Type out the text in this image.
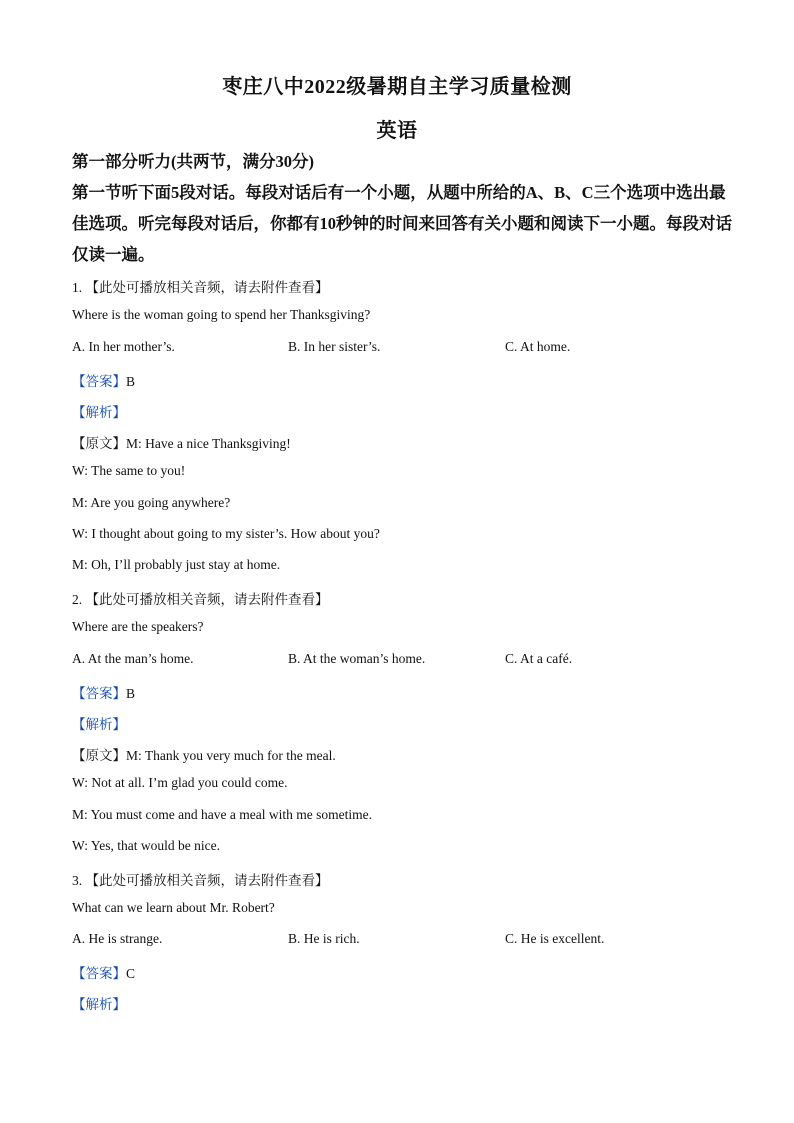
枣庄八中2022级暑期自主学习质量检测
英语
第一部分听力(共两节，满分30分)
第一节听下面5段对话。每段对话后有一个小题，从题中所给的A、B、C三个选项中选出最佳选项。听完每段对话后，你都有10秒钟的时间来回答有关小题和阅读下一小题。每段对话仅读一遍。
1. 【此处可播放相关音频，请去附件查看】
Where is the woman going to spend her Thanksgiving?
A. In her mother’s.	B. In her sister’s.	C. At home.
【答案】B
【解析】
【原文】M: Have a nice Thanksgiving!
W: The same to you!
M: Are you going anywhere?
W: I thought about going to my sister’s. How about you?
M: Oh, I’ll probably just stay at home.
2. 【此处可播放相关音频，请去附件查看】
Where are the speakers?
A. At the man’s home.	B. At the woman’s home.	C. At a café.
【答案】B
【解析】
【原文】M: Thank you very much for the meal.
W: Not at all. I’m glad you could come.
M: You must come and have a meal with me sometime.
W: Yes, that would be nice.
3. 【此处可播放相关音频，请去附件查看】
What can we learn about Mr. Robert?
A. He is strange.	B. He is rich.	C. He is excellent.
【答案】C
【解析】
